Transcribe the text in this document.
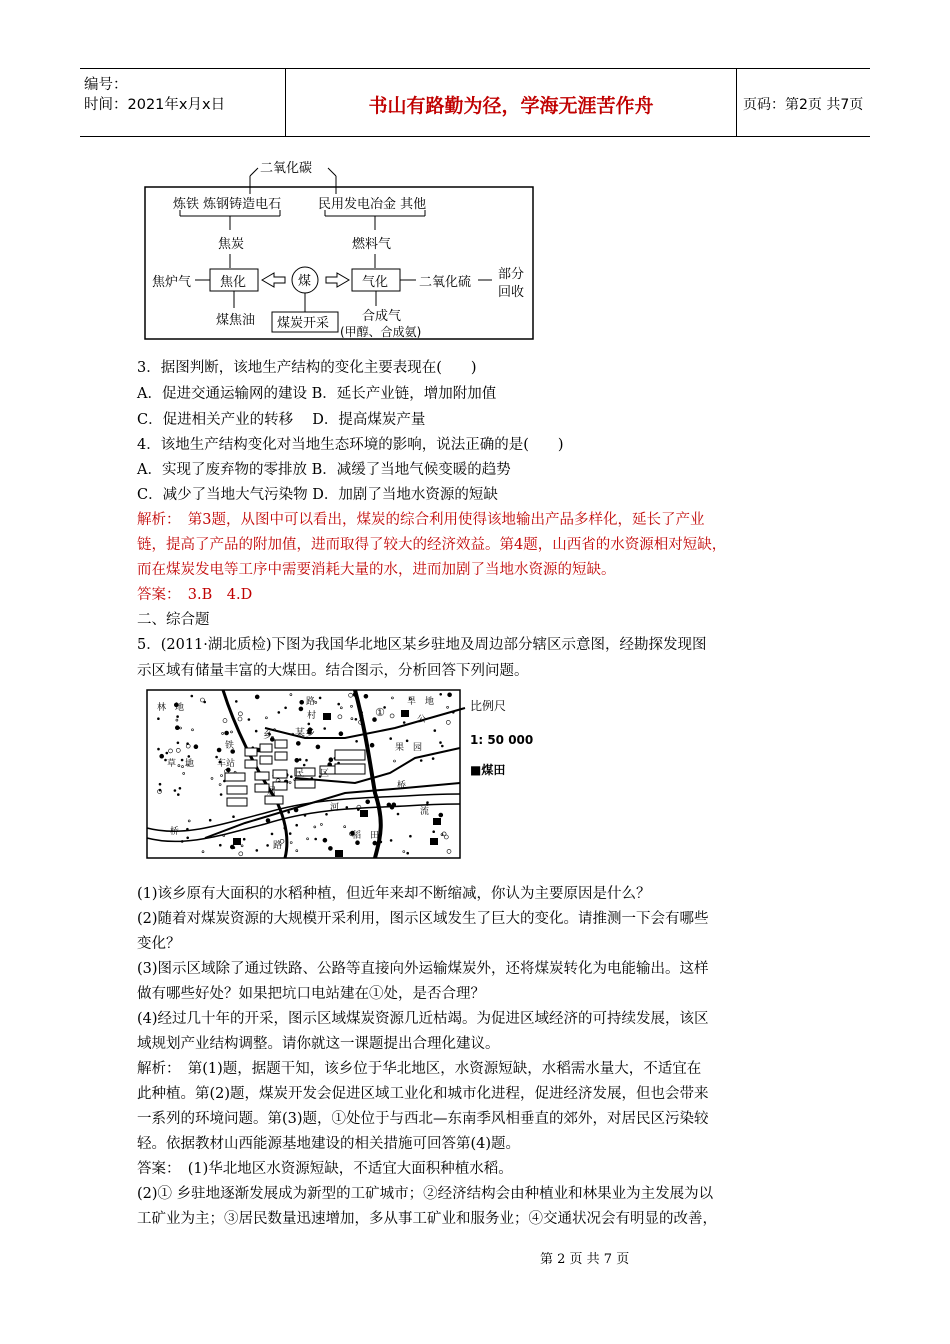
编号：
时间：2021年x月x日	书山有路勤为径，学海无涯苦作舟	页码：第2页 共7页
二氧化碳
炼铁 炼钢铸造电石	民用发电冶金 其他
焦炭	燃料气
焦炉气 焦化	煤	气化 二氧化硫
部分
回收
煤焦油 煤炭开采	合成气
(甲醇、合成氨)
3．据图判断，该地生产结构的变化主要表现在(　　)
A．促进交通运输网的建设 B．延长产业链，增加附加值
C．促进相关产业的转移　 D．提高煤炭产量
4．该地生产结构变化对当地生态环境的影响，说法正确的是(　　)
A．实现了废弃物的零排放 B．减缓了当地气候变暖的趋势
C．减少了当地大气污染物 D．加剧了当地水资源的短缺
解析：　第3题，从图中可以看出，煤炭的综合利用使得该地输出产品多样化，延长了产业
链，提高了产品的附加值，进而取得了较大的经济效益。第4题，山西省的水资源相对短缺，
而在煤炭发电等工序中需要消耗大量的水，进而加剧了当地水资源的短缺。
答案：　3.B　4.D
二、综合题
5．(2011·湖北质检)下图为我国华北地区某乡驻地及周边部分辖区示意图，经勘探发现图
示区域有储量丰富的大煤田。结合图示，分析回答下列问题。
林　地
村
路
①
旱　地
公
乡 某乡
铁
草　地	车站
果　园
居
民 区
桥
河	流
桥	稻　田
路
比例尺
1: 50 000
■煤田
(1)该乡原有大面积的水稻种植，但近年来却不断缩减，你认为主要原因是什么？
(2)随着对煤炭资源的大规模开采利用，图示区域发生了巨大的变化。请推测一下会有哪些
变化？
(3)图示区域除了通过铁路、公路等直接向外运输煤炭外，还将煤炭转化为电能输出。这样
做有哪些好处？如果把坑口电站建在①处，是否合理？
(4)经过几十年的开采，图示区域煤炭资源几近枯竭。为促进区域经济的可持续发展，该区
域规划产业结构调整。请你就这一课题提出合理化建议。
解析：　第(1)题，据题干知，该乡位于华北地区，水资源短缺，水稻需水量大，不适宜在
此种植。第(2)题，煤炭开发会促进区域工业化和城市化进程，促进经济发展，但也会带来
一系列的环境问题。第(3)题，①处位于与西北—东南季风相垂直的郊外，对居民区污染较
轻。依据教材山西能源基地建设的相关措施可回答第(4)题。
答案：　(1)华北地区水资源短缺，不适宜大面积种植水稻。
(2)① 乡驻地逐渐发展成为新型的工矿城市；②经济结构会由种植业和林果业为主发展为以
工矿业为主；③居民数量迅速增加，多从事工矿业和服务业；④交通状况会有明显的改善，
第 2 页 共 7 页
